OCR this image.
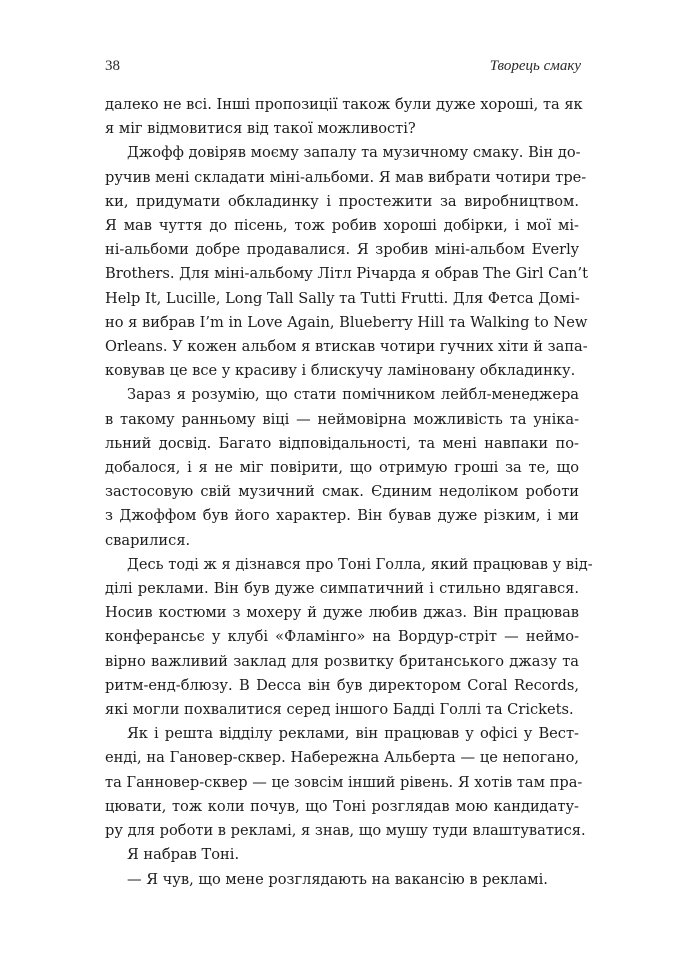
38	Творець смаку
далеко не всі. Інші пропозиції також були дуже хороші, та як
я міг відмовитися від такої можливості?
Джофф довіряв моєму запалу та музичному смаку. Він до-
ручив мені складати міні-альбоми. Я мав вибрати чотири тре-
ки, придумати обкладинку і простежити за виробництвом.
Я мав чуття до пісень, тож робив хороші добірки, і мої мі-
ні-альбоми добре продавалися. Я зробив міні-альбом Everly
Brothers. Для міні-альбому Літл Річарда я обрав The Girl Can’t
Help It, Lucille, Long Tall Sally та Tutti Frutti. Для Фетса Домі-
но я вибрав I’m in Love Again, Blueberry Hill та Walking to New
Orleans. У кожен альбом я втискав чотири гучних хіти й запа-
ковував це все у красиву і блискучу ламіновану обкладинку.
Зараз я розумію, що стати помічником лейбл-менеджера
в такому ранньому віці — неймовірна можливість та уніка-
льний досвід. Багато відповідальності, та мені навпаки по-
добалося, і я не міг повірити, що отримую гроші за те, що
застосовую свій музичний смак. Єдиним недоліком роботи
з Джоффом був його характер. Він бував дуже різким, і ми
сварилися.
Десь тоді ж я дізнався про Тоні Голла, який працював у від-
ділі реклами. Він був дуже симпатичний і стильно вдягався.
Носив костюми з мохеру й дуже любив джаз. Він працював
конферансьє у клубі «Фламінго» на Вордур-стріт — неймо-
вірно важливий заклад для розвитку британського джазу та
ритм-енд-блюзу. В Decca він був директором Coral Records,
які могли похвалитися серед іншого Бадді Голлі та Crickets.
Як і решта відділу реклами, він працював у офісі у Вест-
енді, на Гановер-сквер. Набережна Альберта — це непогано,
та Ганновер-сквер — це зовсім інший рівень. Я хотів там пра-
цювати, тож коли почув, що Тоні розглядав мою кандидату-
ру для роботи в рекламі, я знав, що мушу туди влаштуватися.
Я набрав Тоні.
— Я чув, що мене розглядають на вакансію в рекламі.
